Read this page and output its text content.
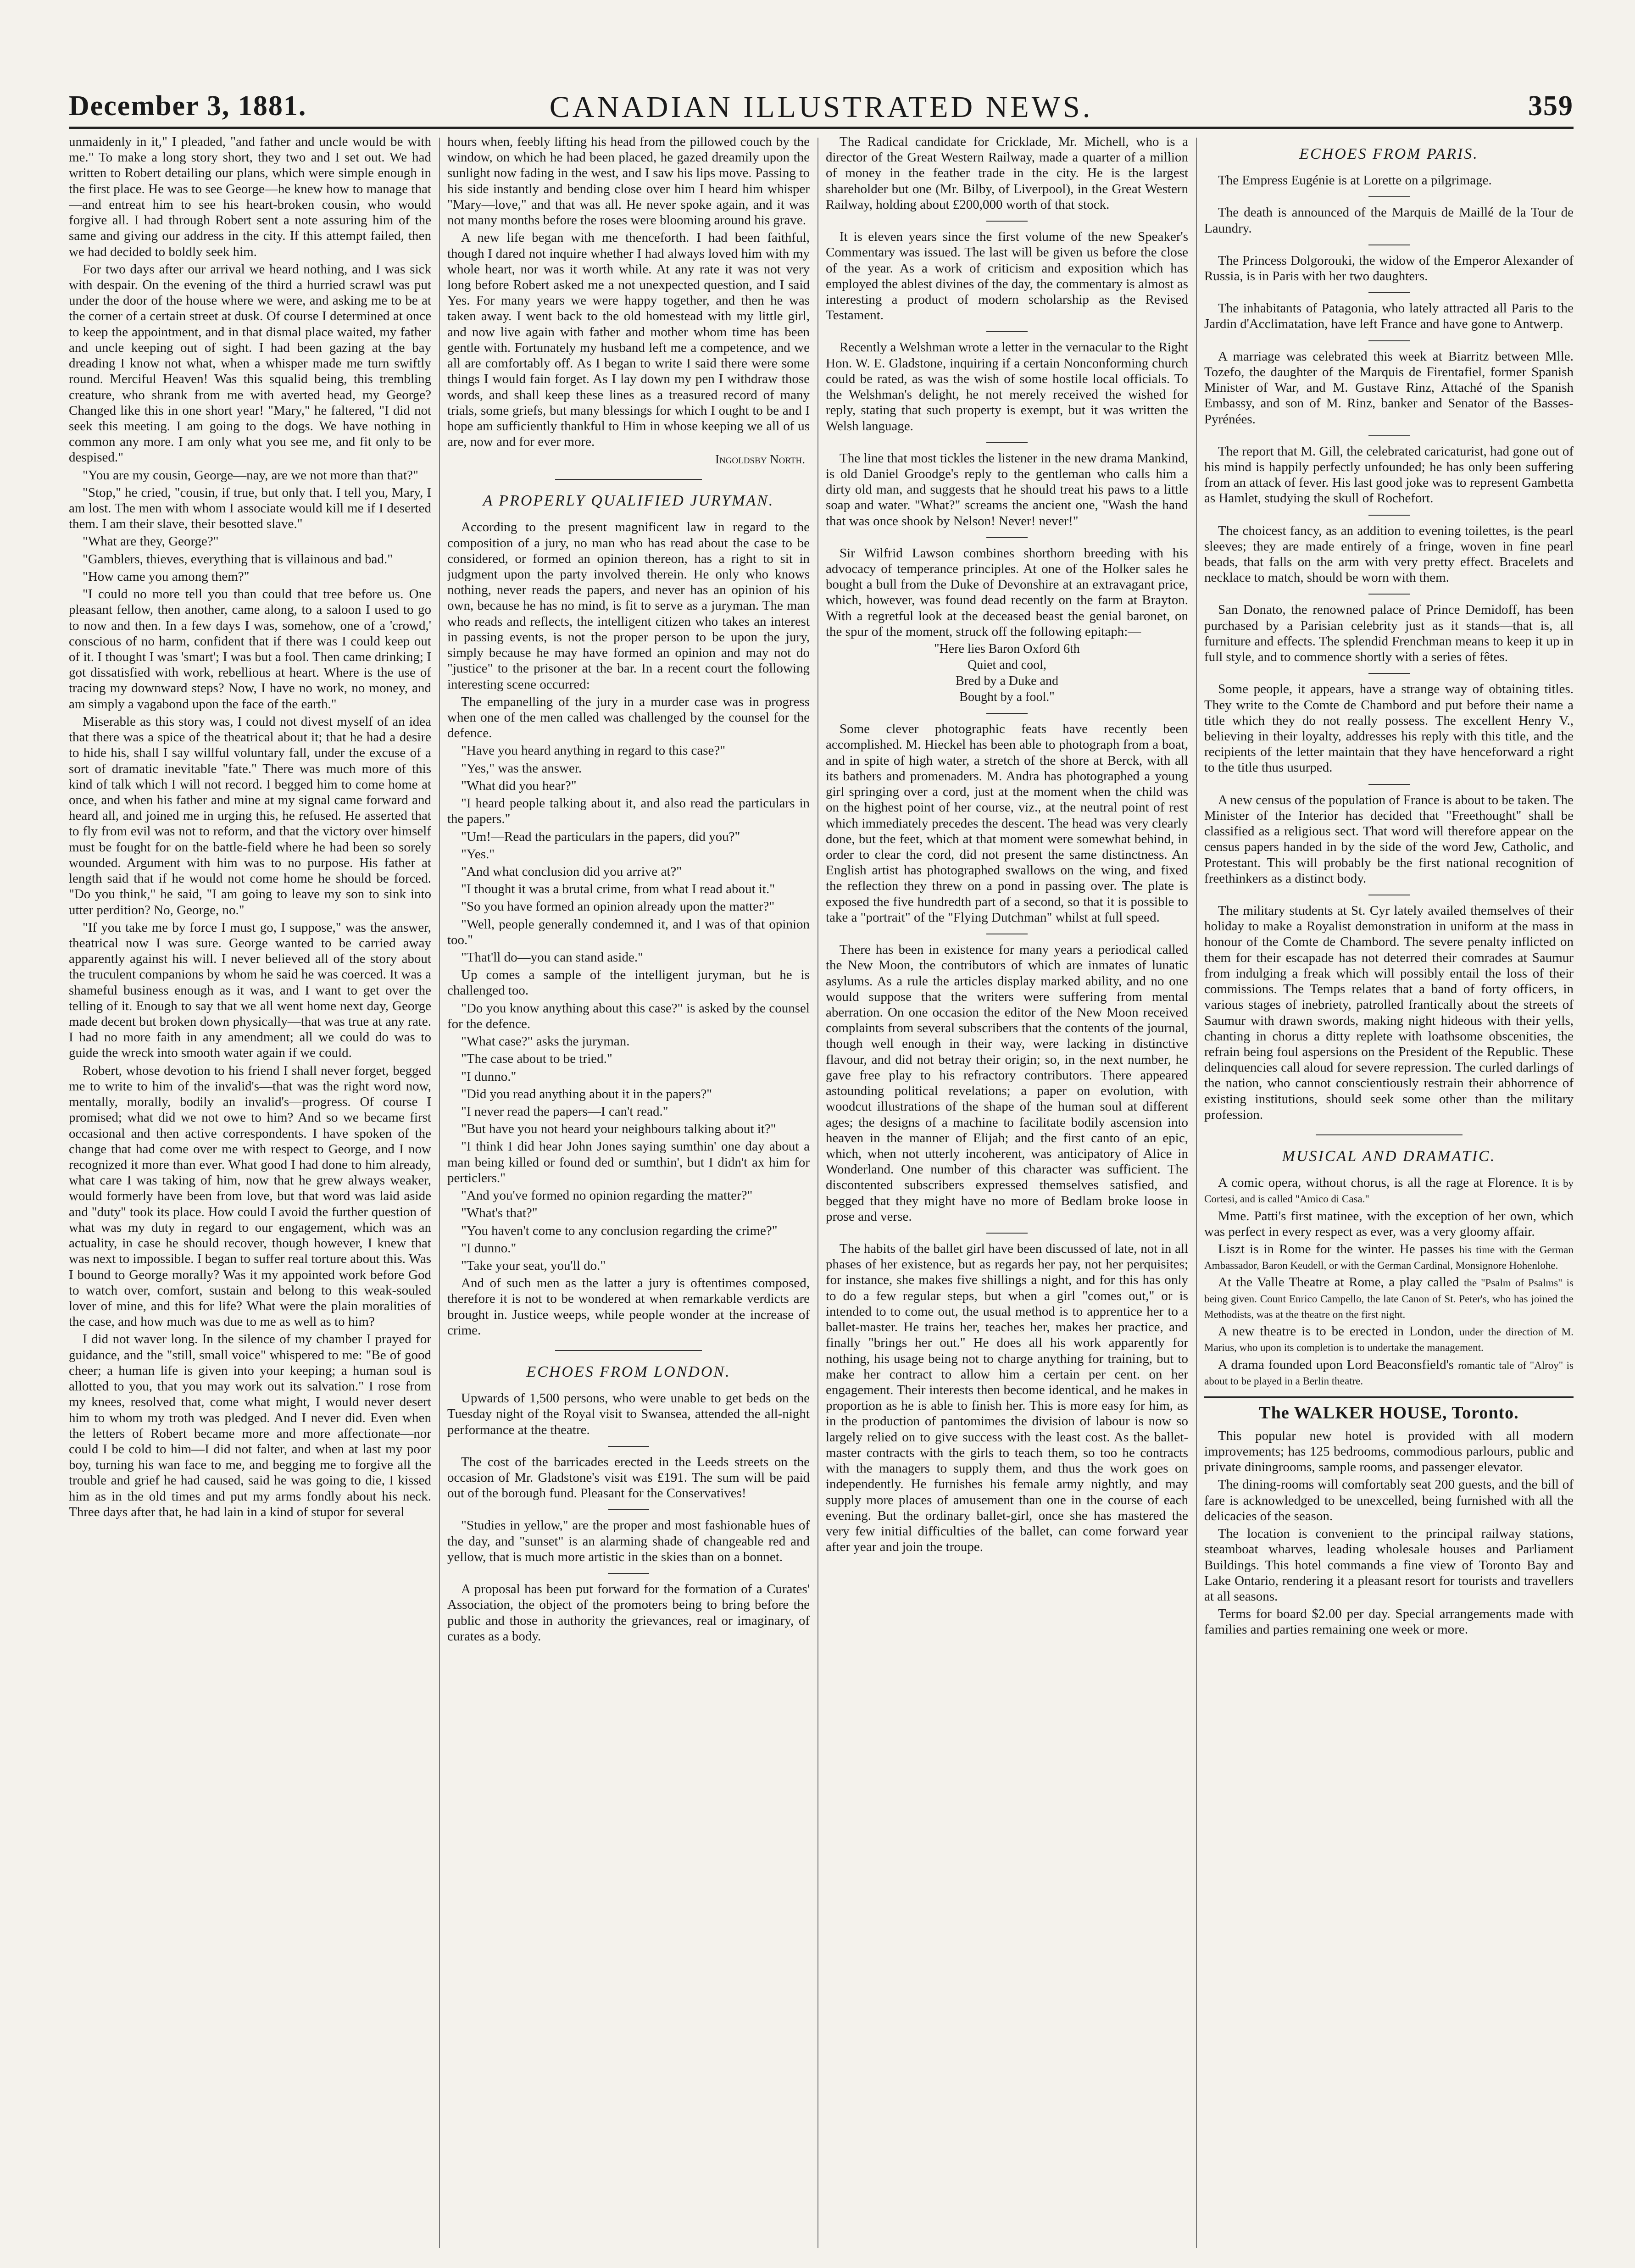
CANADIAN ILLUSTRATED NEWS.
December 3, 1881.	359

unmaidenly in it," I pleaded, "and father and uncle would be with me." To make a long story short, they two and I set out. We had written to Robert detailing our plans, which were simple enough in the first place. He was to see George—he knew how to manage that—and entreat him to see his heart-broken cousin, who would forgive all. I had through Robert sent a note assuring him of the same and giving our address in the city. If this attempt failed, then we had decided to boldly seek him.

For two days after our arrival we heard nothing, and I was sick with despair. On the evening of the third a hurried scrawl was put under the door of the house where we were, and asking me to be at the corner of a certain street at dusk. Of course I determined at once to keep the appointment, and in that dismal place waited, my father and uncle keeping out of sight. I had been gazing at the bay dreading I know not what, when a whisper made me turn swiftly round. Merciful Heaven! Was this squalid being, this trembling creature, who shrank from me with averted head, my George? Changed like this in one short year! "Mary," he faltered, "I did not seek this meeting. I am going to the dogs. We have nothing in common any more. I am only what you see me, and fit only to be despised."

"You are my cousin, George—nay, are we not more than that?"

"Stop," he cried, "cousin, if true, but only that. I tell you, Mary, I am lost. The men with whom I associate would kill me if I deserted them. I am their slave, their besotted slave."

"What are they, George?"

"Gamblers, thieves, everything that is villainous and bad."

"How came you among them?"

"I could no more tell you than could that tree before us. One pleasant fellow, then another, came along, to a saloon I used to go to now and then. In a few days I was, somehow, one of a 'crowd,' conscious of no harm, confident that if there was I could keep out of it. I thought I was 'smart'; I was but a fool. Then came drinking; I got dissatisfied with work, rebellious at heart. Where is the use of tracing my downward steps? Now, I have no work, no money, and am simply a vagabond upon the face of the earth."

Miserable as this story was, I could not divest myself of an idea that there was a spice of the theatrical about it; that he had a desire to hide his, shall I say willful voluntary fall, under the excuse of a sort of dramatic inevitable "fate." There was much more of this kind of talk which I will not record. I begged him to come home at once, and when his father and mine at my signal came forward and heard all, and joined me in urging this, he refused. He asserted that to fly from evil was not to reform, and that the victory over himself must be fought for on the battle-field where he had been so sorely wounded. Argument with him was to no purpose. His father at length said that if he would not come home he should be forced. "Do you think," he said, "I am going to leave my son to sink into utter perdition? No, George, no."

"If you take me by force I must go, I suppose," was the answer, theatrical now I was sure. George wanted to be carried away apparently against his will. I never believed all of the story about the truculent companions by whom he said he was coerced. It was a shameful business enough as it was, and I want to get over the telling of it. Enough to say that we all went home next day, George made decent but broken down physically—that was true at any rate. I had no more faith in any amendment; all we could do was to guide the wreck into smooth water again if we could.

Robert, whose devotion to his friend I shall never forget, begged me to write to him of the invalid's—that was the right word now, mentally, morally, bodily an invalid's—progress. Of course I promised; what did we not owe to him? And so we became first occasional and then active correspondents. I have spoken of the change that had come over me with respect to George, and I now recognized it more than ever. What good I had done to him already, what care I was taking of him, now that he grew always weaker, would formerly have been from love, but that word was laid aside and "duty" took its place. How could I avoid the further question of what was my duty in regard to our engagement, which was an actuality, in case he should recover, though however, I knew that was next to impossible. I began to suffer real torture about this. Was I bound to George morally? Was it my appointed work before God to watch over, comfort, sustain and belong to this weak-souled lover of mine, and this for life? What were the plain moralities of the case, and how much was due to me as well as to him?

I did not waver long. In the silence of my chamber I prayed for guidance, and the "still, small voice" whispered to me: "Be of good cheer; a human life is given into your keeping; a human soul is allotted to you, that you may work out its salvation." I rose from my knees, resolved that, come what might, I would never desert him to whom my troth was pledged. And I never did. Even when the letters of Robert became more and more affectionate—nor could I be cold to him—I did not falter, and when at last my poor boy, turning his wan face to me, and begging me to forgive all the trouble and grief he had caused, said he was going to die, I kissed him as in the old times and put my arms fondly about his neck. Three days after that, he had lain in a kind of stupor for several

hours when, feebly lifting his head from the pillowed couch by the window, on which he had been placed, he gazed dreamily upon the sunlight now fading in the west, and I saw his lips move. Passing to his side instantly and bending close over him I heard him whisper "Mary—love," and that was all. He never spoke again, and it was not many months before the roses were blooming around his grave.

A new life began with me thenceforth. I had been faithful, though I dared not inquire whether I had always loved him with my whole heart, nor was it worth while. At any rate it was not very long before Robert asked me a not unexpected question, and I said Yes. For many years we were happy together, and then he was taken away. I went back to the old homestead with my little girl, and now live again with father and mother whom time has been gentle with. Fortunately my husband left me a competence, and we all are comfortably off. As I began to write I said there were some things I would fain forget. As I lay down my pen I withdraw those words, and shall keep these lines as a treasured record of many trials, some griefs, but many blessings for which I ought to be and I hope am sufficiently thankful to Him in whose keeping we all of us are, now and for ever more.

Ingoldsby North.
A PROPERLY QUALIFIED JURYMAN.

According to the present magnificent law in regard to the composition of a jury, no man who has read about the case to be considered, or formed an opinion thereon, has a right to sit in judgment upon the party involved therein. He only who knows nothing, never reads the papers, and never has an opinion of his own, because he has no mind, is fit to serve as a juryman. The man who reads and reflects, the intelligent citizen who takes an interest in passing events, is not the proper person to be upon the jury, simply because he may have formed an opinion and may not do "justice" to the prisoner at the bar. In a recent court the following interesting scene occurred:

The empanelling of the jury in a murder case was in progress when one of the men called was challenged by the counsel for the defence.

"Have you heard anything in regard to this case?"

"Yes," was the answer.

"What did you hear?"

"I heard people talking about it, and also read the particulars in the papers."

"Um!—Read the particulars in the papers, did you?"

"Yes."

"And what conclusion did you arrive at?"

"I thought it was a brutal crime, from what I read about it."

"So you have formed an opinion already upon the matter?"

"Well, people generally condemned it, and I was of that opinion too."

"That'll do—you can stand aside."

Up comes a sample of the intelligent juryman, but he is challenged too.

"Do you know anything about this case?" is asked by the counsel for the defence.

"What case?" asks the juryman.

"The case about to be tried."

"I dunno."

"Did you read anything about it in the papers?"

"I never read the papers—I can't read."

"But have you not heard your neighbours talking about it?"

"I think I did hear John Jones saying sumthin' one day about a man being killed or found ded or sumthin', but I didn't ax him for perticlers."

"And you've formed no opinion regarding the matter?"

"What's that?"

"You haven't come to any conclusion regarding the crime?"

"I dunno."

"Take your seat, you'll do."

And of such men as the latter a jury is oftentimes composed, therefore it is not to be wondered at when remarkable verdicts are brought in. Justice weeps, while people wonder at the increase of crime.

ECHOES FROM LONDON.

Upwards of 1,500 persons, who were unable to get beds on the Tuesday night of the Royal visit to Swansea, attended the all-night performance at the theatre.

The cost of the barricades erected in the Leeds streets on the occasion of Mr. Gladstone's visit was £191. The sum will be paid out of the borough fund. Pleasant for the Conservatives!

"Studies in yellow," are the proper and most fashionable hues of the day, and "sunset" is an alarming shade of changeable red and yellow, that is much more artistic in the skies than on a bonnet.

A proposal has been put forward for the formation of a Curates' Association, the object of the promoters being to bring before the public and those in authority the grievances, real or imaginary, of curates as a body.

The Radical candidate for Cricklade, Mr. Michell, who is a director of the Great Western Railway, made a quarter of a million of money in the feather trade in the city. He is the largest shareholder but one (Mr. Bilby, of Liverpool), in the Great Western Railway, holding about £200,000 worth of that stock.

It is eleven years since the first volume of the new Speaker's Commentary was issued. The last will be given us before the close of the year. As a work of criticism and exposition which has employed the ablest divines of the day, the commentary is almost as interesting a product of modern scholarship as the Revised Testament.

Recently a Welshman wrote a letter in the vernacular to the Right Hon. W. E. Gladstone, inquiring if a certain Nonconforming church could be rated, as was the wish of some hostile local officials. To the Welshman's delight, he not merely received the wished for reply, stating that such property is exempt, but it was written the Welsh language.

The line that most tickles the listener in the new drama Mankind, is old Daniel Groodge's reply to the gentleman who calls him a dirty old man, and suggests that he should treat his paws to a little soap and water. "What?" screams the ancient one, "Wash the hand that was once shook by Nelson! Never! never!"

Sir Wilfrid Lawson combines shorthorn breeding with his advocacy of temperance principles. At one of the Holker sales he bought a bull from the Duke of Devonshire at an extravagant price, which, however, was found dead recently on the farm at Brayton. With a regretful look at the deceased beast the genial baronet, on the spur of the moment, struck off the following epitaph:—

"Here lies Baron Oxford 6th
Quiet and cool,
Bred by a Duke and
Bought by a fool."

Some clever photographic feats have recently been accomplished. M. Hieckel has been able to photograph from a boat, and in spite of high water, a stretch of the shore at Berck, with all its bathers and promenaders. M. Andra has photographed a young girl springing over a cord, just at the moment when the child was on the highest point of her course, viz., at the neutral point of rest which immediately precedes the descent. The head was very clearly done, but the feet, which at that moment were somewhat behind, in order to clear the cord, did not present the same distinctness. An English artist has photographed swallows on the wing, and fixed the reflection they threw on a pond in passing over. The plate is exposed the five hundredth part of a second, so that it is possible to take a "portrait" of the "Flying Dutchman" whilst at full speed.

There has been in existence for many years a periodical called the New Moon, the contributors of which are inmates of lunatic asylums. As a rule the articles display marked ability, and no one would suppose that the writers were suffering from mental aberration. On one occasion the editor of the New Moon received complaints from several subscribers that the contents of the journal, though well enough in their way, were lacking in distinctive flavour, and did not betray their origin; so, in the next number, he gave free play to his refractory contributors. There appeared astounding political revelations; a paper on evolution, with woodcut illustrations of the shape of the human soul at different ages; the designs of a machine to facilitate bodily ascension into heaven in the manner of Elijah; and the first canto of an epic, which, when not utterly incoherent, was anticipatory of Alice in Wonderland. One number of this character was sufficient. The discontented subscribers expressed themselves satisfied, and begged that they might have no more of Bedlam broke loose in prose and verse.

The habits of the ballet girl have been discussed of late, not in all phases of her existence, but as regards her pay, not her perquisites; for instance, she makes five shillings a night, and for this has only to do a few regular steps, but when a girl "comes out," or is intended to to come out, the usual method is to apprentice her to a ballet-master. He trains her, teaches her, makes her practice, and finally "brings her out." He does all his work apparently for nothing, his usage being not to charge anything for training, but to make her contract to allow him a certain per cent. on her engagement. Their interests then become identical, and he makes in proportion as he is able to finish her. This is more easy for him, as in the production of pantomimes the division of labour is now so largely relied on to give success with the least cost. As the ballet-master contracts with the girls to teach them, so too he contracts with the managers to supply them, and thus the work goes on independently. He furnishes his female army nightly, and may supply more places of amusement than one in the course of each evening. But the ordinary ballet-girl, once she has mastered the very few initial difficulties of the ballet, can come forward year after year and join the troupe.

ECHOES FROM PARIS.

The Empress Eugénie is at Lorette on a pilgrimage.

The death is announced of the Marquis de Maillé de la Tour de Laundry.

The Princess Dolgorouki, the widow of the Emperor Alexander of Russia, is in Paris with her two daughters.

The inhabitants of Patagonia, who lately attracted all Paris to the Jardin d'Acclimatation, have left France and have gone to Antwerp.

A marriage was celebrated this week at Biarritz between Mlle. Tozefo, the daughter of the Marquis de Firentafiel, former Spanish Minister of War, and M. Gustave Rinz, Attaché of the Spanish Embassy, and son of M. Rinz, banker and Senator of the Basses-Pyrénées.

The report that M. Gill, the celebrated caricaturist, had gone out of his mind is happily perfectly unfounded; he has only been suffering from an attack of fever. His last good joke was to represent Gambetta as Hamlet, studying the skull of Rochefort.

The choicest fancy, as an addition to evening toilettes, is the pearl sleeves; they are made entirely of a fringe, woven in fine pearl beads, that falls on the arm with very pretty effect. Bracelets and necklace to match, should be worn with them.

San Donato, the renowned palace of Prince Demidoff, has been purchased by a Parisian celebrity just as it stands—that is, all furniture and effects. The splendid Frenchman means to keep it up in full style, and to commence shortly with a series of fêtes.

Some people, it appears, have a strange way of obtaining titles. They write to the Comte de Chambord and put before their name a title which they do not really possess. The excellent Henry V., believing in their loyalty, addresses his reply with this title, and the recipients of the letter maintain that they have henceforward a right to the title thus usurped.

A new census of the population of France is about to be taken. The Minister of the Interior has decided that "Freethought" shall be classified as a religious sect. That word will therefore appear on the census papers handed in by the side of the word Jew, Catholic, and Protestant. This will probably be the first national recognition of freethinkers as a distinct body.

The military students at St. Cyr lately availed themselves of their holiday to make a Royalist demonstration in uniform at the mass in honour of the Comte de Chambord. The severe penalty inflicted on them for their escapade has not deterred their comrades at Saumur from indulging a freak which will possibly entail the loss of their commissions. The Temps relates that a band of forty officers, in various stages of inebriety, patrolled frantically about the streets of Saumur with drawn swords, making night hideous with their yells, chanting in chorus a ditty replete with loathsome obscenities, the refrain being foul aspersions on the President of the Republic. These delinquencies call aloud for severe repression. The curled darlings of the nation, who cannot conscientiously restrain their abhorrence of existing institutions, should seek some other than the military profession.

MUSICAL AND DRAMATIC.

A comic opera, without chorus, is all the rage at Florence. It is by Cortesi, and is called "Amico di Casa."

Mme. Patti's first matinee, with the exception of her own, which was perfect in every respect as ever, was a very gloomy affair.

Liszt is in Rome for the winter. He passes his time with the German Ambassador, Baron Keudell, or with the German Cardinal, Monsignore Hohenlohe.

At the Valle Theatre at Rome, a play called the "Psalm of Psalms" is being given. Count Enrico Campello, the late Canon of St. Peter's, who has joined the Methodists, was at the theatre on the first night.

A new theatre is to be erected in London, under the direction of M. Marius, who upon its completion is to undertake the management.

A drama founded upon Lord Beaconsfield's romantic tale of "Alroy" is about to be played in a Berlin theatre.

The WALKER HOUSE, Toronto.

This popular new hotel is provided with all modern improvements; has 125 bedrooms, commodious parlours, public and private diningrooms, sample rooms, and passenger elevator.

The dining-rooms will comfortably seat 200 guests, and the bill of fare is acknowledged to be unexcelled, being furnished with all the delicacies of the season.

The location is convenient to the principal railway stations, steamboat wharves, leading wholesale houses and Parliament Buildings. This hotel commands a fine view of Toronto Bay and Lake Ontario, rendering it a pleasant resort for tourists and travellers at all seasons.

Terms for board $2.00 per day. Special arrangements made with families and parties remaining one week or more.
